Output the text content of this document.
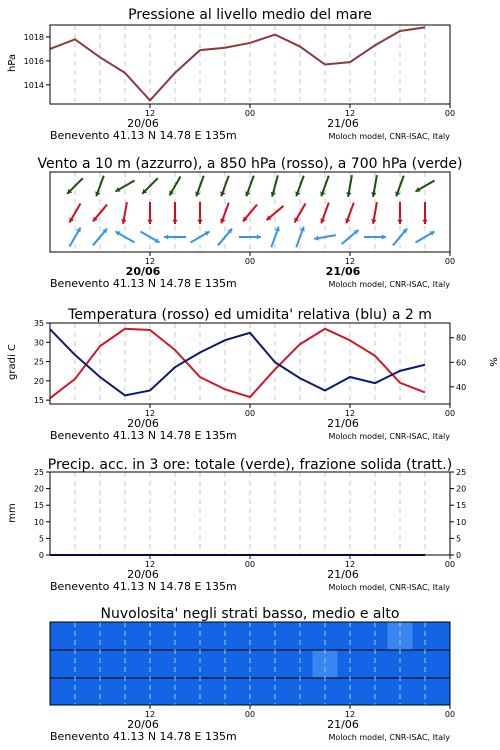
Pressione al livello medio del mare
hPa
1014
1016
1018
12	00	12	00
20/06	21/06
Benevento 41.13 N 14.78 E 135m	Moloch model, CNR-ISAC, Italy
Vento a 10 m (azzurro), a 850 hPa (rosso), a 700 hPa (verde)
12	00	12	00
20/06	21/06
Benevento 41.13 N 14.78 E 135m	Moloch model, CNR-ISAC, Italy
Temperatura (rosso) ed umidita' relativa (blu) a 2 m
gradi C	%
35
30
25
20
15
80
60
40
12	00	12	00
20/06	21/06
Benevento 41.13 N 14.78 E 135m	Moloch model, CNR-ISAC, Italy
Precip. acc. in 3 ore: totale (verde), frazione solida (tratt.)
mm
25	25
20	20
15	15
10	10
5	5
0	0
12	00	12	00
20/06	21/06
Benevento 41.13 N 14.78 E 135m	Moloch model, CNR-ISAC, Italy
Nuvolosita' negli strati basso, medio e alto
12	00	12	00
20/06	21/06
Benevento 41.13 N 14.78 E 135m	Moloch model, CNR-ISAC, Italy
